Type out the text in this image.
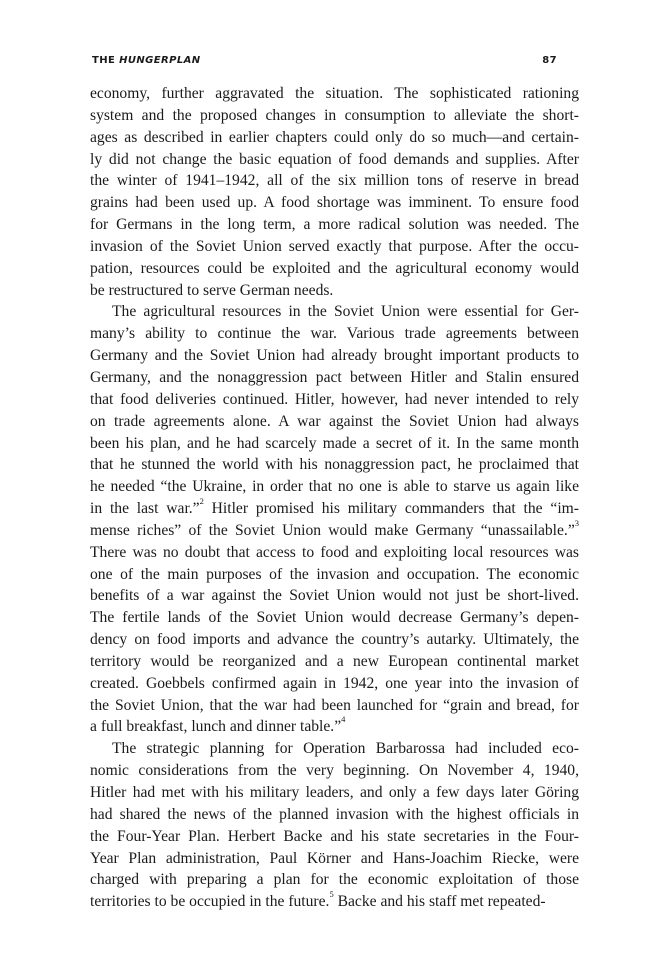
THE HUNGERPLAN	87
economy, further aggravated the situation. The sophisticated rationing
system and the proposed changes in consumption to alleviate the short-
ages as described in earlier chapters could only do so much—and certain-
ly did not change the basic equation of food demands and supplies. After
the winter of 1941–1942, all of the six million tons of reserve in bread
grains had been used up. A food shortage was imminent. To ensure food
for Germans in the long term, a more radical solution was needed. The
invasion of the Soviet Union served exactly that purpose. After the occu-
pation, resources could be exploited and the agricultural economy would
be restructured to serve German needs.
The agricultural resources in the Soviet Union were essential for Ger-
many’s ability to continue the war. Various trade agreements between
Germany and the Soviet Union had already brought important products to
Germany, and the nonaggression pact between Hitler and Stalin ensured
that food deliveries continued. Hitler, however, had never intended to rely
on trade agreements alone. A war against the Soviet Union had always
been his plan, and he had scarcely made a secret of it. In the same month
that he stunned the world with his nonaggression pact, he proclaimed that
he needed “the Ukraine, in order that no one is able to starve us again like
in the last war.”$^2$ Hitler promised his military commanders that the “im-
mense riches” of the Soviet Union would make Germany “unassailable.”$^3$
There was no doubt that access to food and exploiting local resources was
one of the main purposes of the invasion and occupation. The economic
benefits of a war against the Soviet Union would not just be short-lived.
The fertile lands of the Soviet Union would decrease Germany’s depen-
dency on food imports and advance the country’s autarky. Ultimately, the
territory would be reorganized and a new European continental market
created. Goebbels confirmed again in 1942, one year into the invasion of
the Soviet Union, that the war had been launched for “grain and bread, for
a full breakfast, lunch and dinner table.”$^4$
The strategic planning for Operation Barbarossa had included eco-
nomic considerations from the very beginning. On November 4, 1940,
Hitler had met with his military leaders, and only a few days later Göring
had shared the news of the planned invasion with the highest officials in
the Four-Year Plan. Herbert Backe and his state secretaries in the Four-
Year Plan administration, Paul Körner and Hans-Joachim Riecke, were
charged with preparing a plan for the economic exploitation of those
territories to be occupied in the future.$^5$ Backe and his staff met repeated-
